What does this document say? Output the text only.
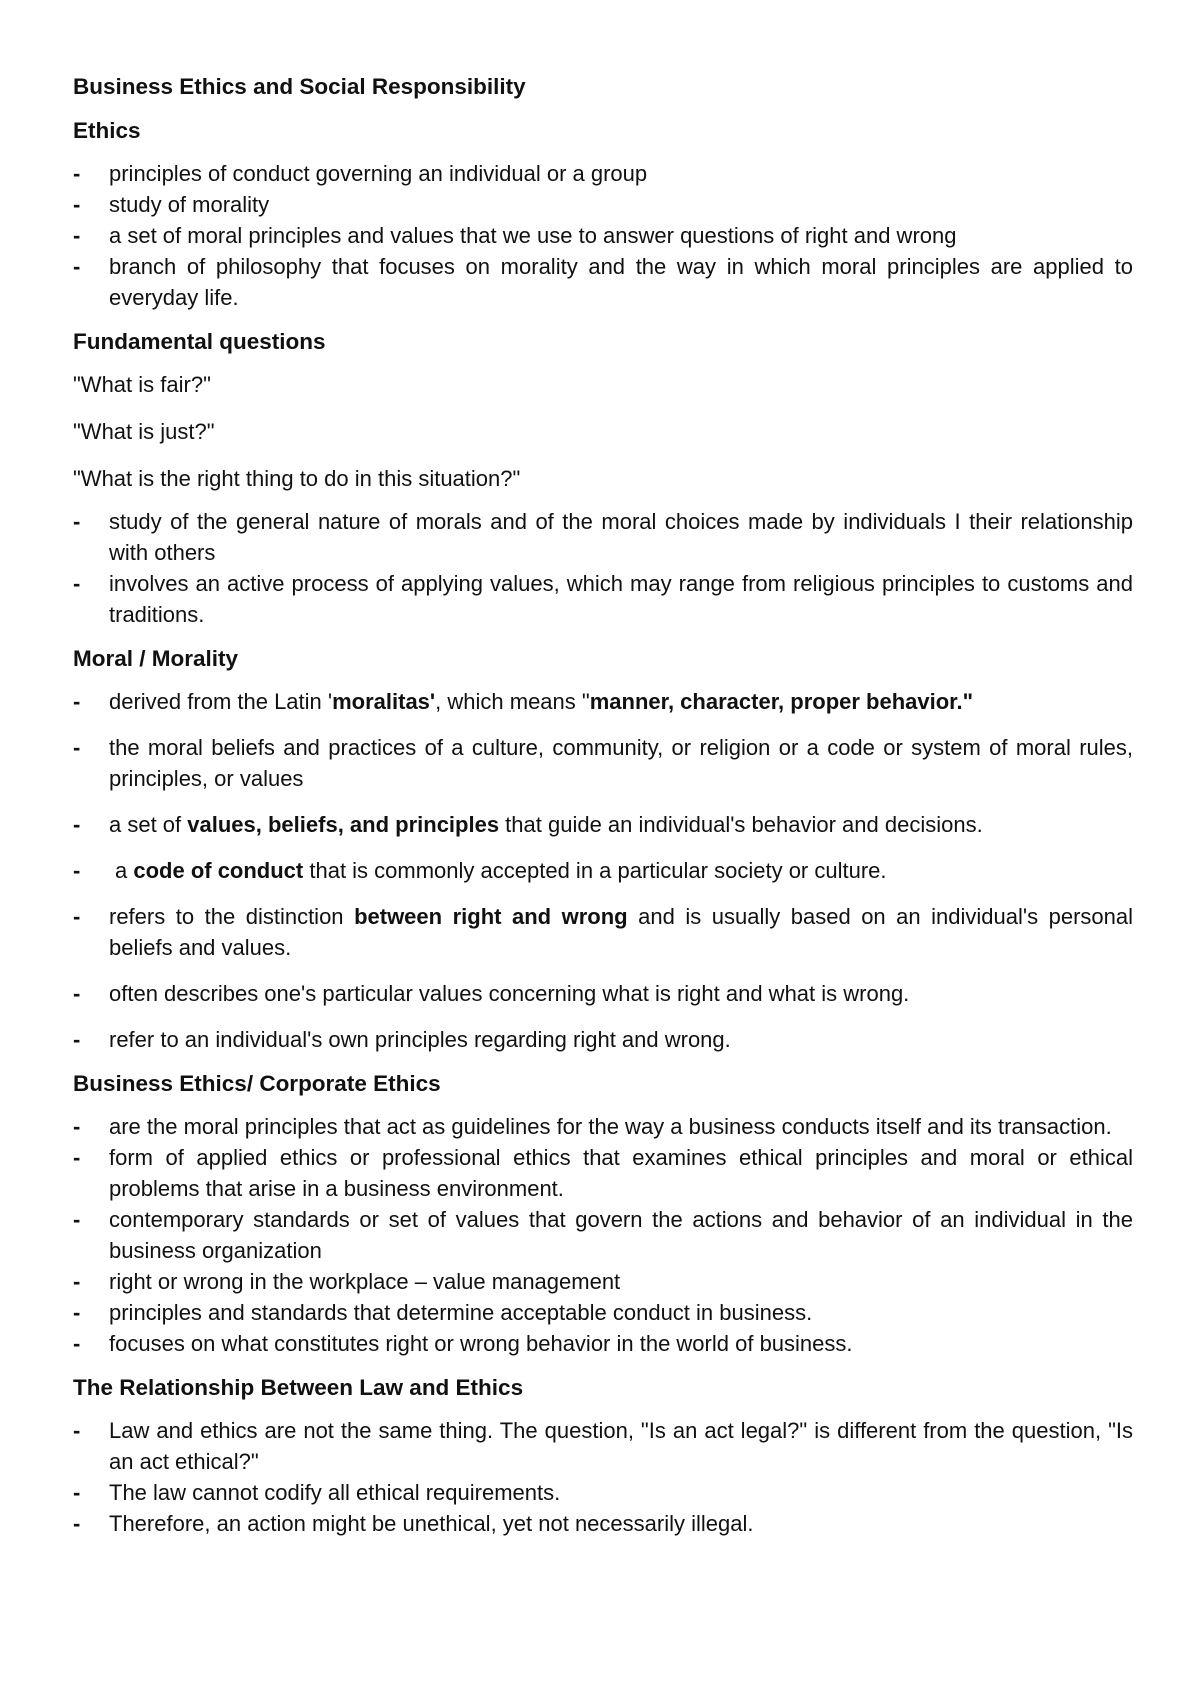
Business Ethics and Social Responsibility
Ethics
- principles of conduct governing an individual or a group
- study of morality
- a set of moral principles and values that we use to answer questions of right and wrong
- branch of philosophy that focuses on morality and the way in which moral principles are applied to everyday life.
Fundamental questions

"What is fair?"

"What is just?"

"What is the right thing to do in this situation?"

- study of the general nature of morals and of the moral choices made by individuals I their relationship with others
- involves an active process of applying values, which may range from religious principles to customs and traditions.
Moral / Morality
- derived from the Latin 'moralitas', which means "manner, character, proper behavior."
- the moral beliefs and practices of a culture, community, or religion or a code or system of moral rules, principles, or values
- a set of values, beliefs, and principles that guide an individual's behavior and decisions.
- a code of conduct that is commonly accepted in a particular society or culture.
- refers to the distinction between right and wrong and is usually based on an individual's personal beliefs and values.
- often describes one's particular values concerning what is right and what is wrong.
- refer to an individual's own principles regarding right and wrong.
Business Ethics/ Corporate Ethics
- are the moral principles that act as guidelines for the way a business conducts itself and its transaction.
- form of applied ethics or professional ethics that examines ethical principles and moral or ethical problems that arise in a business environment.
- contemporary standards or set of values that govern the actions and behavior of an individual in the business organization
- right or wrong in the workplace – value management
- principles and standards that determine acceptable conduct in business.
- focuses on what constitutes right or wrong behavior in the world of business.
The Relationship Between Law and Ethics
- Law and ethics are not the same thing. The question, "Is an act legal?" is different from the question, "Is an act ethical?"
- The law cannot codify all ethical requirements.
- Therefore, an action might be unethical, yet not necessarily illegal.
